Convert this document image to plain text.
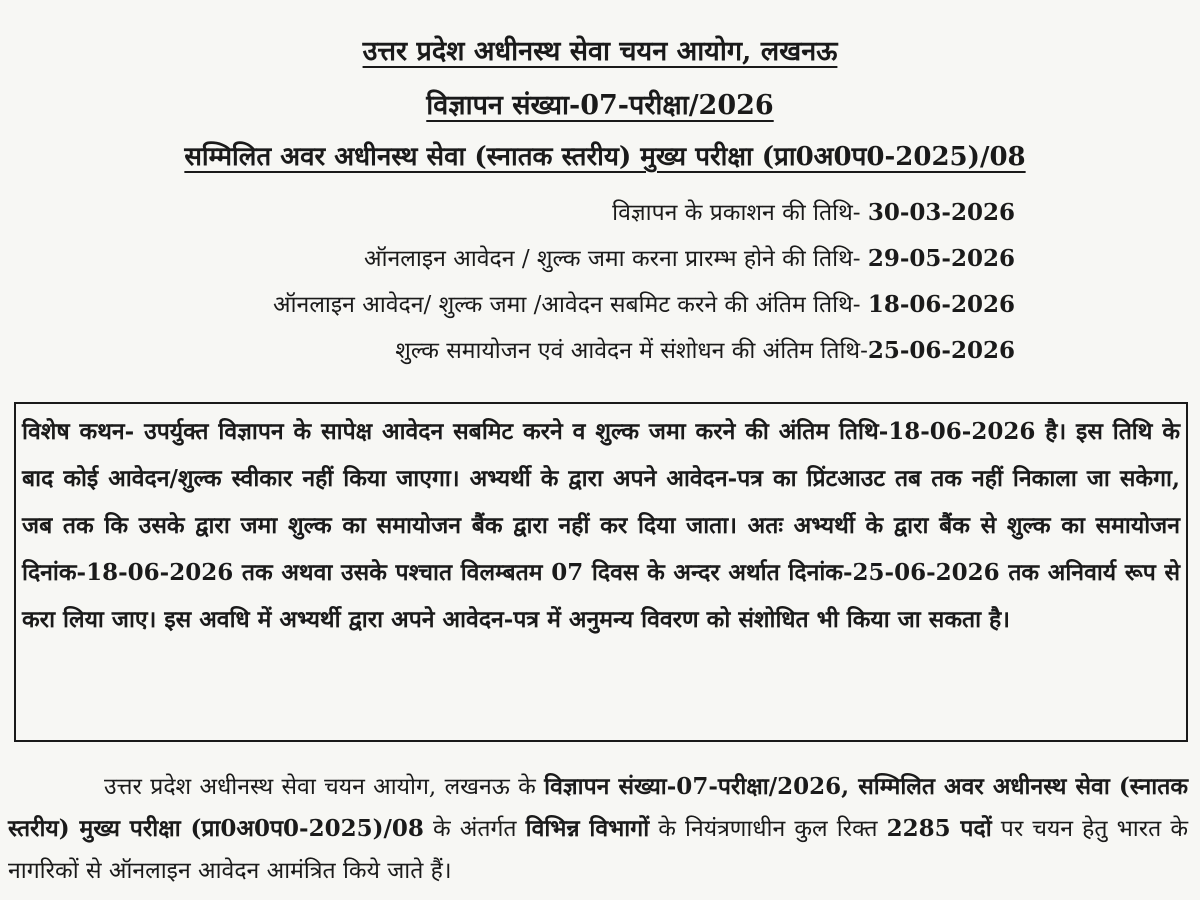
उत्तर प्रदेश अधीनस्थ सेवा चयन आयोग, लखनऊ
विज्ञापन संख्या-07-परीक्षा/2026
सम्मिलित अवर अधीनस्थ सेवा (स्नातक स्तरीय) मुख्य परीक्षा (प्रा0अ0प0-2025)/08
विज्ञापन के प्रकाशन की तिथि- 30-03-2026
ऑनलाइन आवेदन / शुल्क जमा करना प्रारम्भ होने की तिथि- 29-05-2026
ऑनलाइन आवेदन/ शुल्क जमा /आवेदन सबमिट करने की अंतिम तिथि- 18-06-2026
शुल्क समायोजन एवं आवेदन में संशोधन की अंतिम तिथि-25-06-2026

विशेष कथन- उपर्युक्त विज्ञापन के सापेक्ष आवेदन सबमिट करने व शुल्क जमा करने की अंतिम तिथि-18-06-2026 है। इस तिथि के बाद कोई आवेदन/शुल्क स्वीकार नहीं किया जाएगा। अभ्यर्थी के द्वारा अपने आवेदन-पत्र का प्रिंटआउट तब तक नहीं निकाला जा सकेगा, जब तक कि उसके द्वारा जमा शुल्क का समायोजन बैंक द्वारा नहीं कर दिया जाता। अतः अभ्यर्थी के द्वारा बैंक से शुल्क का समायोजन दिनांक-18-06-2026 तक अथवा उसके पश्चात विलम्बतम 07 दिवस के अन्दर अर्थात दिनांक-25-06-2026 तक अनिवार्य रूप से करा लिया जाए। इस अवधि में अभ्यर्थी द्वारा अपने आवेदन-पत्र में अनुमन्य विवरण को संशोधित भी किया जा सकता है।

उत्तर प्रदेश अधीनस्थ सेवा चयन आयोग, लखनऊ के विज्ञापन संख्या-07-परीक्षा/2026, सम्मिलित अवर अधीनस्थ सेवा (स्नातक स्तरीय) मुख्य परीक्षा (प्रा0अ0प0-2025)/08 के अंतर्गत विभिन्न विभागों के नियंत्रणाधीन कुल रिक्त 2285 पदों पर चयन हेतु भारत के नागरिकों से ऑनलाइन आवेदन आमंत्रित किये जाते हैं।
